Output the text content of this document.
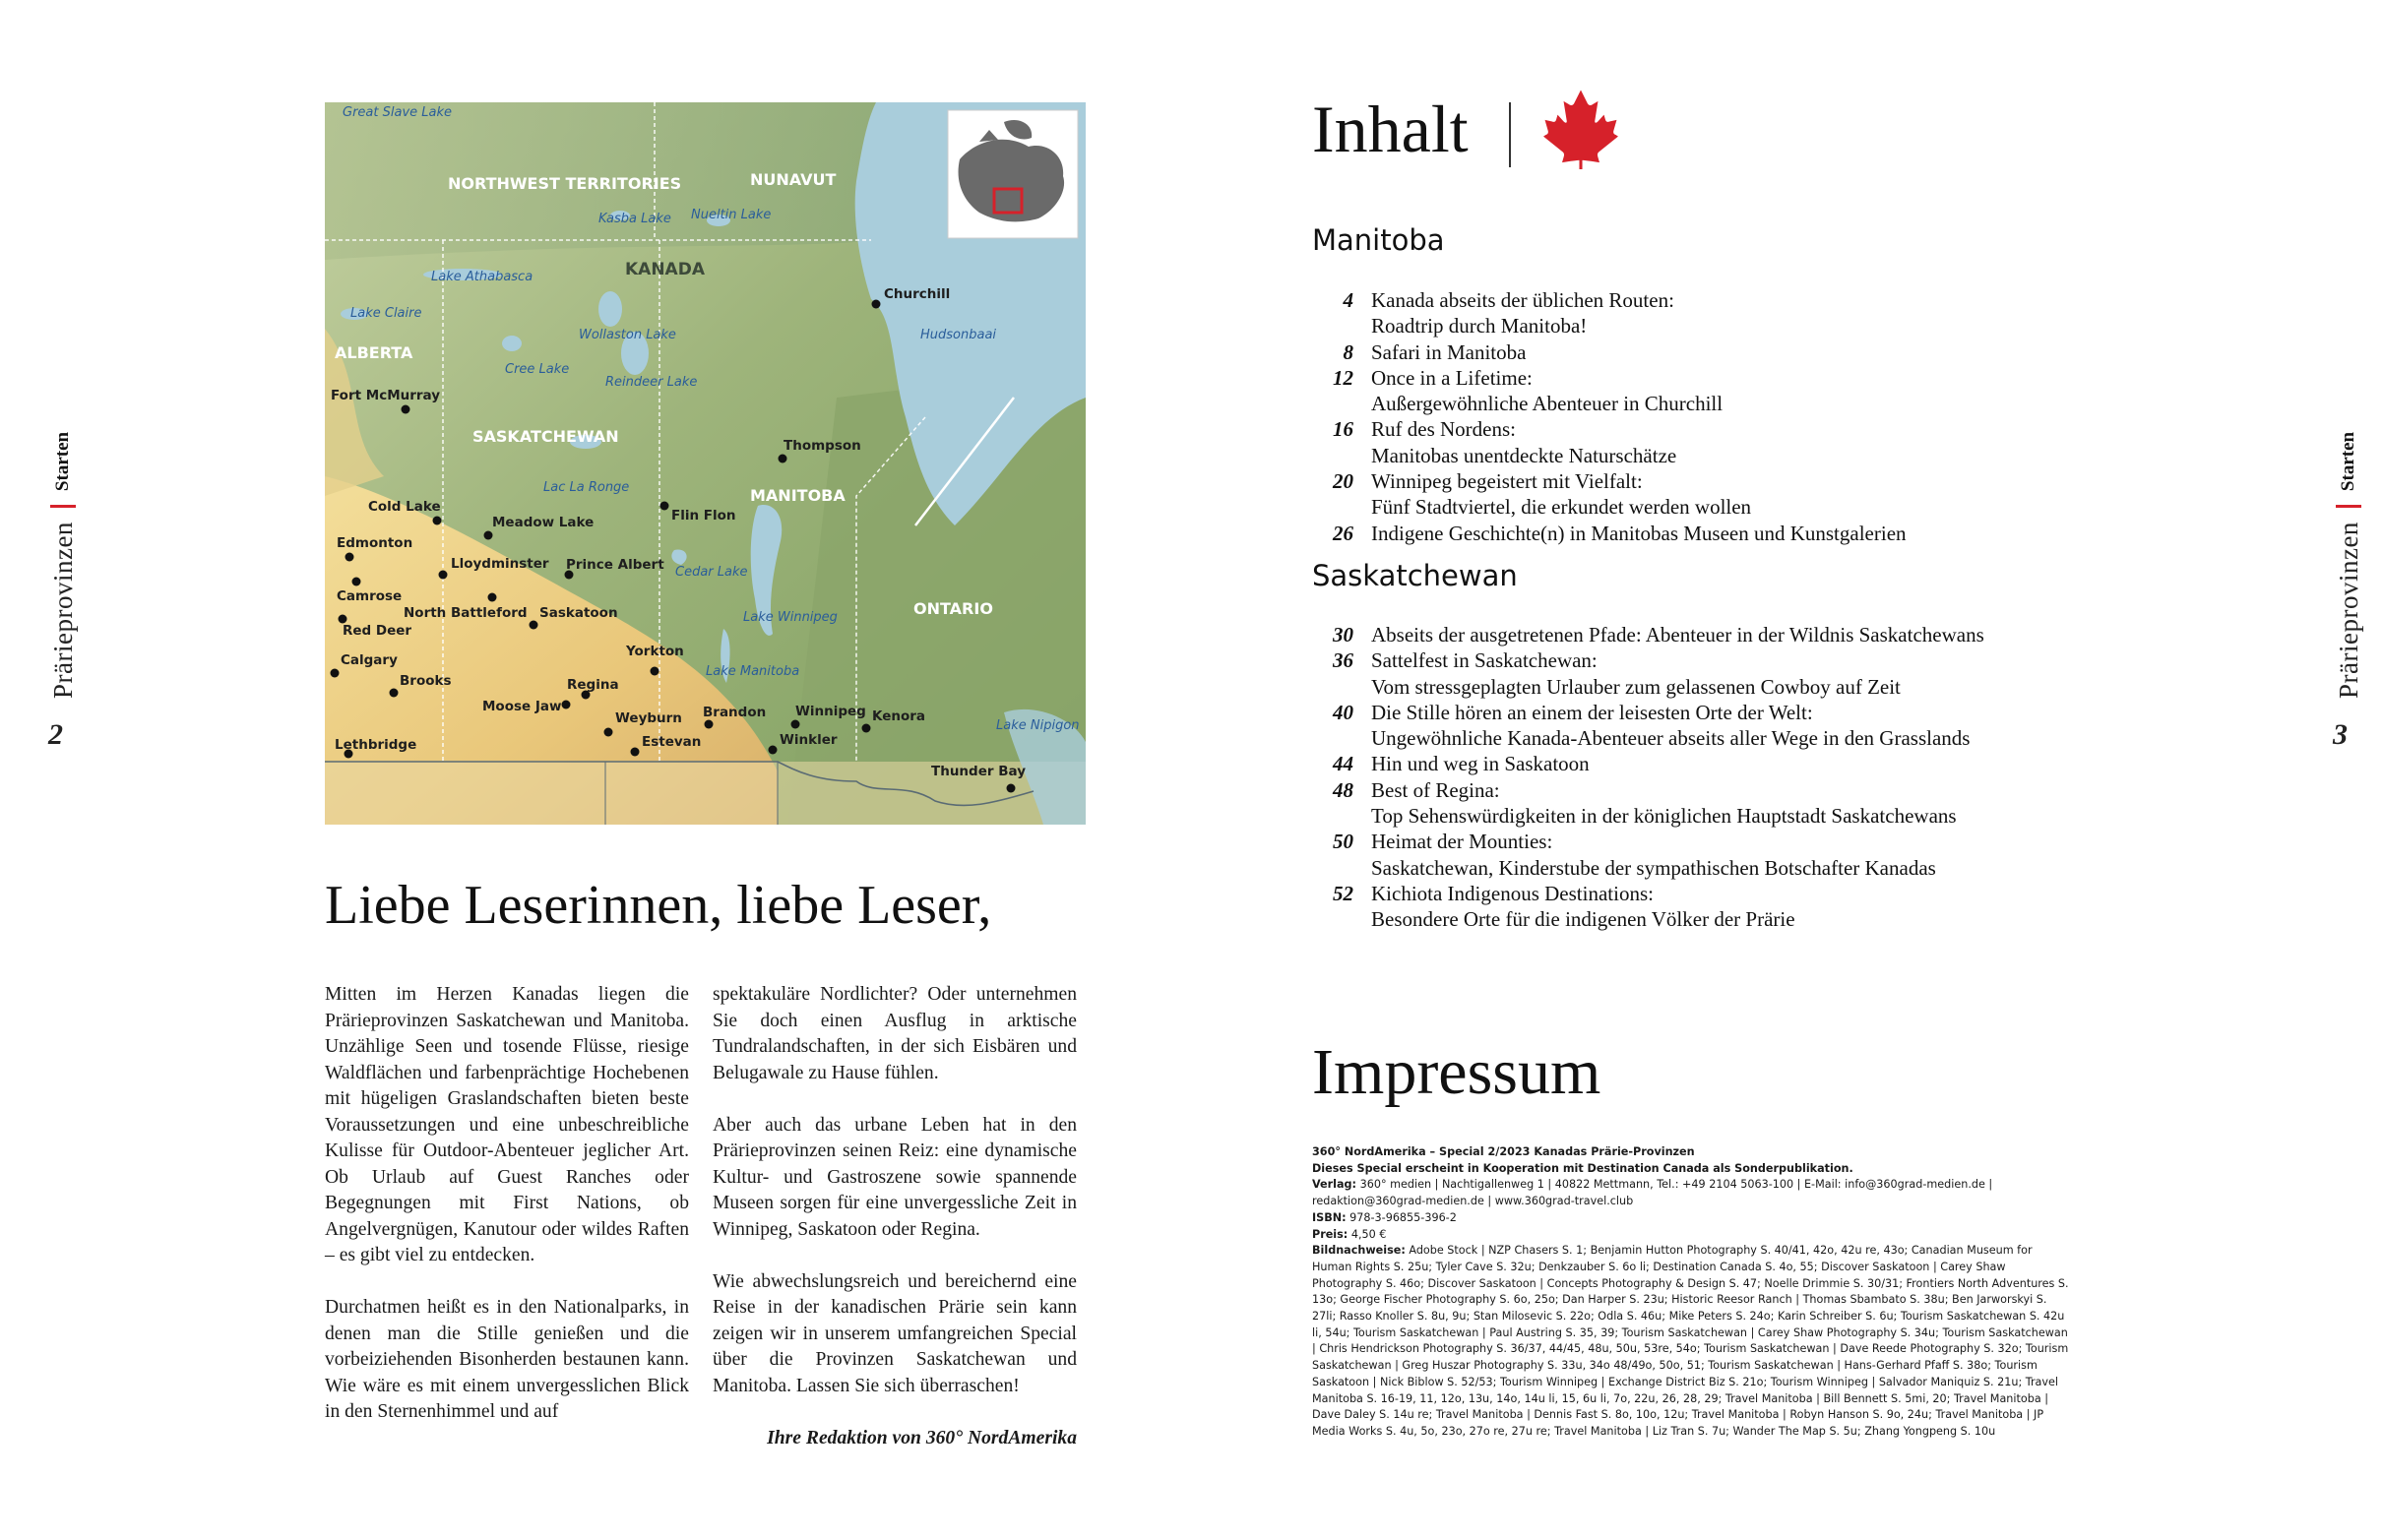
Prärieprovinzen
Starten
2
NORTHWEST TERRITORIES	NUNAVUT
ALBERTA
SASKATCHEWAN
MANITOBA
ONTARIO
KANADA
Great Slave Lake
Kasba Lake Nueltin Lake
Lake Athabasca
Lake Claire
Wollaston Lake
Cree Lake
Reindeer Lake
Hudsonbaai
Lac La Ronge
Cedar Lake
Lake Winnipeg
Lake Manitoba
Lake Nipigon
Churchill
Fort McMurray
Thompson
Cold Lake
Meadow Lake	Flin Flon
Edmonton
Lloydminster Prince Albert
Camrose
North Battleford Saskatoon
Red Deer
Yorkton
Calgary
Brooks	Regina
Moose Jaw	Brandon Winnipeg Kenora
Weyburn
Estevan	Winkler
Lethbridge
Thunder Bay
Liebe Leserinnen, liebe Leser,

Mitten im Herzen Kanadas liegen die Prärieprovinzen Saskatchewan und Manitoba. Unzählige Seen und tosende Flüsse, riesige Waldflächen und farbenprächtige Hochebenen mit hügeligen Graslandschaften bieten beste Voraussetzungen und eine unbeschreibliche Kulisse für Outdoor-Abenteuer jeglicher Art. Ob Urlaub auf Guest Ranches oder Begegnungen mit First Nations, ob Angelvergnügen, Kanutour oder wildes Raften – es gibt viel zu entdecken.

Durchatmen heißt es in den Nationalparks, in denen man die Stille genießen und die vorbeiziehenden Bisonherden bestaunen kann. Wie wäre es mit einem unvergesslichen Blick in den Sternenhimmel und auf

spektakuläre Nordlichter? Oder unternehmen Sie doch einen Ausflug in arktische Tundralandschaften, in der sich Eisbären und Belugawale zu Hause fühlen.

Aber auch das urbane Leben hat in den Prärieprovinzen seinen Reiz: eine dynamische Kultur- und Gastroszene sowie spannende Museen sorgen für eine unvergessliche Zeit in Winnipeg, Saskatoon oder Regina.

Wie abwechslungsreich und bereichernd eine Reise in der kanadischen Prärie sein kann zeigen wir in unserem umfangreichen Special über die Provinzen Saskatchewan und Manitoba. Lassen Sie sich überraschen!

Ihre Redaktion von 360° NordAmerika

Inhalt
Manitoba
4 Kanada abseits der üblichen Routen:
Roadtrip durch Manitoba!
8 Safari in Manitoba
12 Once in a Lifetime:
Außergewöhnliche Abenteuer in Churchill
16 Ruf des Nordens:
Manitobas unentdeckte Naturschätze
20 Winnipeg begeistert mit Vielfalt:
Fünf Stadtviertel, die erkundet werden wollen
26 Indigene Geschichte(n) in Manitobas Museen und Kunstgalerien
Saskatchewan
30 Abseits der ausgetretenen Pfade: Abenteuer in der Wildnis Saskatchewans
36 Sattelfest in Saskatchewan:
Vom stressgeplagten Urlauber zum gelassenen Cowboy auf Zeit
40 Die Stille hören an einem der leisesten Orte der Welt:
Ungewöhnliche Kanada-Abenteuer abseits aller Wege in den Grasslands
44 Hin und weg in Saskatoon
48 Best of Regina:
Top Sehenswürdigkeiten in der königlichen Hauptstadt Saskatchewans
50 Heimat der Mounties:
Saskatchewan, Kinderstube der sympathischen Botschafter Kanadas
52 Kichiota Indigenous Destinations:
Besondere Orte für die indigenen Völker der Prärie
Impressum
360° NordAmerika – Special 2/2023 Kanadas Prärie-Provinzen
Dieses Special erscheint in Kooperation mit Destination Canada als Sonderpublikation.
Verlag: 360° medien | Nachtigallenweg 1 | 40822 Mettmann, Tel.: +49 2104 5063-100 | E-Mail: info@360grad-medien.de | redaktion@360grad-medien.de | www.360grad-travel.club
ISBN: 978-3-96855-396-2
Preis: 4,50 €
Bildnachweise: Adobe Stock | NZP Chasers S. 1; Benjamin Hutton Photography S. 40/41, 42o, 42u re, 43o; Canadian Museum for Human Rights S. 25u; Tyler Cave S. 32u; Denkzauber S. 6o li; Destination Canada S. 4o, 55; Discover Saskatoon | Carey Shaw Photography S. 46o; Discover Saskatoon | Concepts Photography & Design S. 47; Noelle Drimmie S. 30/31; Frontiers North Adventures S. 13o; George Fischer Photography S. 6o, 25o; Dan Harper S. 23u; Historic Reesor Ranch | Thomas Sbambato S. 38u; Ben Jarworskyi S. 27li; Rasso Knoller S. 8u, 9u; Stan Milosevic S. 22o; Odla S. 46u; Mike Peters S. 24o; Karin Schreiber S. 6u; Tourism Saskatchewan S. 42u li, 54u; Tourism Saskatchewan | Paul Austring S. 35, 39; Tourism Saskatchewan | Carey Shaw Photography S. 34u; Tourism Saskatchewan | Chris Hendrickson Photography S. 36/37, 44/45, 48u, 50u, 53re, 54o; Tourism Saskatchewan | Dave Reede Photography S. 32o; Tourism Saskatchewan | Greg Huszar Photography S. 33u, 34o 48/49o, 50o, 51; Tourism Saskatchewan | Hans-Gerhard Pfaff S. 38o; Tourism Saskatoon | Nick Biblow S. 52/53; Tourism Winnipeg | Exchange District Biz S. 21o; Tourism Winnipeg | Salvador Maniquiz S. 21u; Travel Manitoba S. 16-19, 11, 12o, 13u, 14o, 14u li, 15, 6u li, 7o, 22u, 26, 28, 29; Travel Manitoba | Bill Bennett S. 5mi, 20; Travel Manitoba | Dave Daley S. 14u re; Travel Manitoba | Dennis Fast S. 8o, 10o, 12u; Travel Manitoba | Robyn Hanson S. 9o, 24u; Travel Manitoba | JP Media Works S. 4u, 5o, 23o, 27o re, 27u re; Travel Manitoba | Liz Tran S. 7u; Wander The Map S. 5u; Zhang Yongpeng S. 10u
Prärieprovinzen
Starten
3
